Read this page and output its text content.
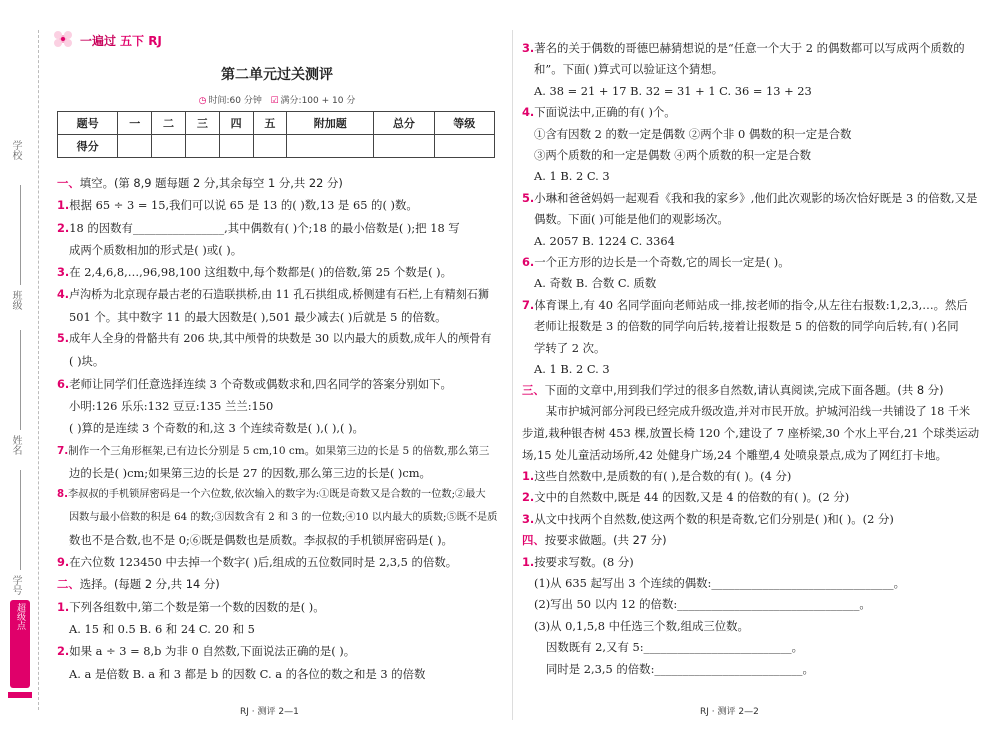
学校
班级
姓名
学号
超级点
一遍过 五下 RJ
第二单元过关测评
◷ 时间:60 分钟 ☑ 满分:100 + 10 分
题号	一	二	三	四	五	附加题	总分	等级
得分								
一、填空。(第 8,9 题每题 2 分,其余每空 1 分,共 22 分)
1.根据 65 ÷ 3 = 15,我们可以说 65 是 13 的( )数,13 是 65 的( )数。
2.18 的因数有________________,其中偶数有( )个;18 的最小倍数是( );把 18 写
成两个质数相加的形式是( )或( )。
3.在 2,4,6,8,…,96,98,100 这组数中,每个数都是( )的倍数,第 25 个数是( )。
4.卢沟桥为北京现存最古老的石造联拱桥,由 11 孔石拱组成,桥侧建有石栏,上有精刻石狮
501 个。其中数字 11 的最大因数是( ),501 最少减去( )后就是 5 的倍数。
5.成年人全身的骨骼共有 206 块,其中颅骨的块数是 30 以内最大的质数,成年人的颅骨有
( )块。
6.老师让同学们任意选择连续 3 个奇数或偶数求和,四名同学的答案分别如下。
小明:126 乐乐:132 豆豆:135 兰兰:150
( )算的是连续 3 个奇数的和,这 3 个连续奇数是( ),( ),( )。
7.制作一个三角形框架,已有边长分别是 5 cm,10 cm。如果第三边的长是 5 的倍数,那么第三
边的长是( )cm;如果第三边的长是 27 的因数,那么第三边的长是( )cm。
8.李叔叔的手机锁屏密码是一个六位数,依次输入的数字为:①既是奇数又是合数的一位数;②最大
因数与最小倍数的积是 64 的数;③因数含有 2 和 3 的一位数;④10 以内最大的质数;⑤既不是质
数也不是合数,也不是 0;⑥既是偶数也是质数。李叔叔的手机锁屏密码是( )。
9.在六位数 123450 中去掉一个数字( )后,组成的五位数同时是 2,3,5 的倍数。
二、选择。(每题 2 分,共 14 分)
1.下列各组数中,第二个数是第一个数的因数的是( )。
A. 15 和 0.5 B. 6 和 24 C. 20 和 5
2.如果 a ÷ 3 = 8,b 为非 0 自然数,下面说法正确的是( )。
A. a 是倍数 B. a 和 3 都是 b 的因数 C. a 的各位的数之和是 3 的倍数
3.著名的关于偶数的哥德巴赫猜想说的是“任意一个大于 2 的偶数都可以写成两个质数的
和”。下面( )算式可以验证这个猜想。
A. 38 = 21 + 17 B. 32 = 31 + 1 C. 36 = 13 + 23
4.下面说法中,正确的有( )个。
①含有因数 2 的数一定是偶数 ②两个非 0 偶数的积一定是合数
③两个质数的和一定是偶数 ④两个质数的积一定是合数
A. 1 B. 2 C. 3
5.小琳和爸爸妈妈一起观看《我和我的家乡》,他们此次观影的场次恰好既是 3 的倍数,又是
偶数。下面( )可能是他们的观影场次。
A. 2057 B. 1224 C. 3364
6.一个正方形的边长是一个奇数,它的周长一定是( )。
A. 奇数 B. 合数 C. 质数
7.体育课上,有 40 名同学面向老师站成一排,按老师的指令,从左往右报数:1,2,3,…。然后
老师让报数是 3 的倍数的同学向后转,接着让报数是 5 的倍数的同学向后转,有( )名同
学转了 2 次。
A. 1 B. 2 C. 3
三、下面的文章中,用到我们学过的很多自然数,请认真阅读,完成下面各题。(共 8 分)
某市护城河部分河段已经完成升级改造,并对市民开放。护城河沿线一共铺设了 18 千米
步道,栽种银杏树 453 棵,放置长椅 120 个,建设了 7 座桥梁,30 个水上平台,21 个球类运动
场,15 处儿童活动场所,42 处健身广场,24 个雕塑,4 处喷泉景点,成为了网红打卡地。
1.这些自然数中,是质数的有( ),是合数的有( )。(4 分)
2.文中的自然数中,既是 44 的因数,又是 4 的倍数的有( )。(2 分)
3.从文中找两个自然数,使这两个数的积是奇数,它们分别是( )和( )。(2 分)
四、按要求做题。(共 27 分)
1.按要求写数。(8 分)
(1)从 635 起写出 3 个连续的偶数:________________________________。
(2)写出 50 以内 12 的倍数:________________________________。
(3)从 0,1,5,8 中任选三个数,组成三位数。
因数既有 2,又有 5:__________________________。
同时是 2,3,5 的倍数:__________________________。
RJ · 测评 2—1	RJ · 测评 2—2
